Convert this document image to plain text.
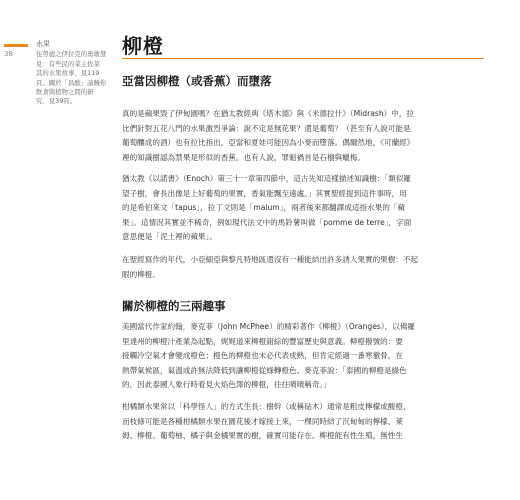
38
水果
伍勞德之伊拉克的勇敢發
見：有些民的菜主佐菜
其的水果故事，見119
頁。關於「昌酸」請饒你
飲食與植物之間的研
究，見39頁。
柳橙
亞當因柳橙（或香蕉）而墮落
真的是蘋果毀了伊甸園嗎？在猶太教經典《塔木德》與《米德拉什》（Midrash）中，拉
比們針對五花八門的水果激烈爭論：說不定是無花果？還是葡萄？（甚至有人說可能是
葡萄釀成的酒）也有拉比指出，亞當和夏娃可能因為小麥而墮落。偶爾然地，《可蘭經》
裡的知識樹認為禁果是形似的香蕉。也有人說，罪魁禍首是石榴與蠟梅。
猶太教《以諾書》（Enoch）第三十一章第四節中，這古先知這樣描述知識樹：「類似羅
望子樹，會長出像是上好葡萄的果實，香氣能飄至遠處。」其實聖經提到這件事時，用
的是希伯來文「tapus」，拉丁文則是「malum」，兩者後來都翻譯成這指水果的「蘋
果」。這情況其實並不稀奇，例如現代法文中的馬鈴薯叫做「pomme de terre」，字面
意思便是「泥土裡的蘋果」。
在聖經寫作的年代，小亞細亞與黎凡特地區還沒有一種能結出許多誘人果實的果樹：不起
眼的柳橙。
關於柳橙的三兩趣事
美國當代作家約翰．麥克菲（John McPhee）的精彩著作《柳橙》（Oranges），以佛羅
里達州的柳橙汁產業為起點，娓娓道來柳橙錯綜的豐富歷史與意義。柳橙撥號的：要
接觸冷空氣才會變成橙色；橙色的柳橙也未必代表成熟，但肯定經過一番寒徹骨，在
熱帶氣候區，氣溫或許無法降低到讓柳橙從綠轉橙色。麥克菲說：「泰國的柳橙是綠色
的，因此泰國人象行時看見火焰色澤的柳橙，往往嘖嘖稱奇。」
柑橘類水果常以「科學怪人」的方式生長：樹幹（或稱砧木）通常是粗皮檸檬或酸橙，
而枝條可能是各種柑橘類水果在園花後才嫁接上來，一棵同時結了沉甸甸的檸檬、萊
姆、柳橙、葡萄柚、橘子與金橘果實的樹，確實可能存在。柳橙能有性生殖，無性生
